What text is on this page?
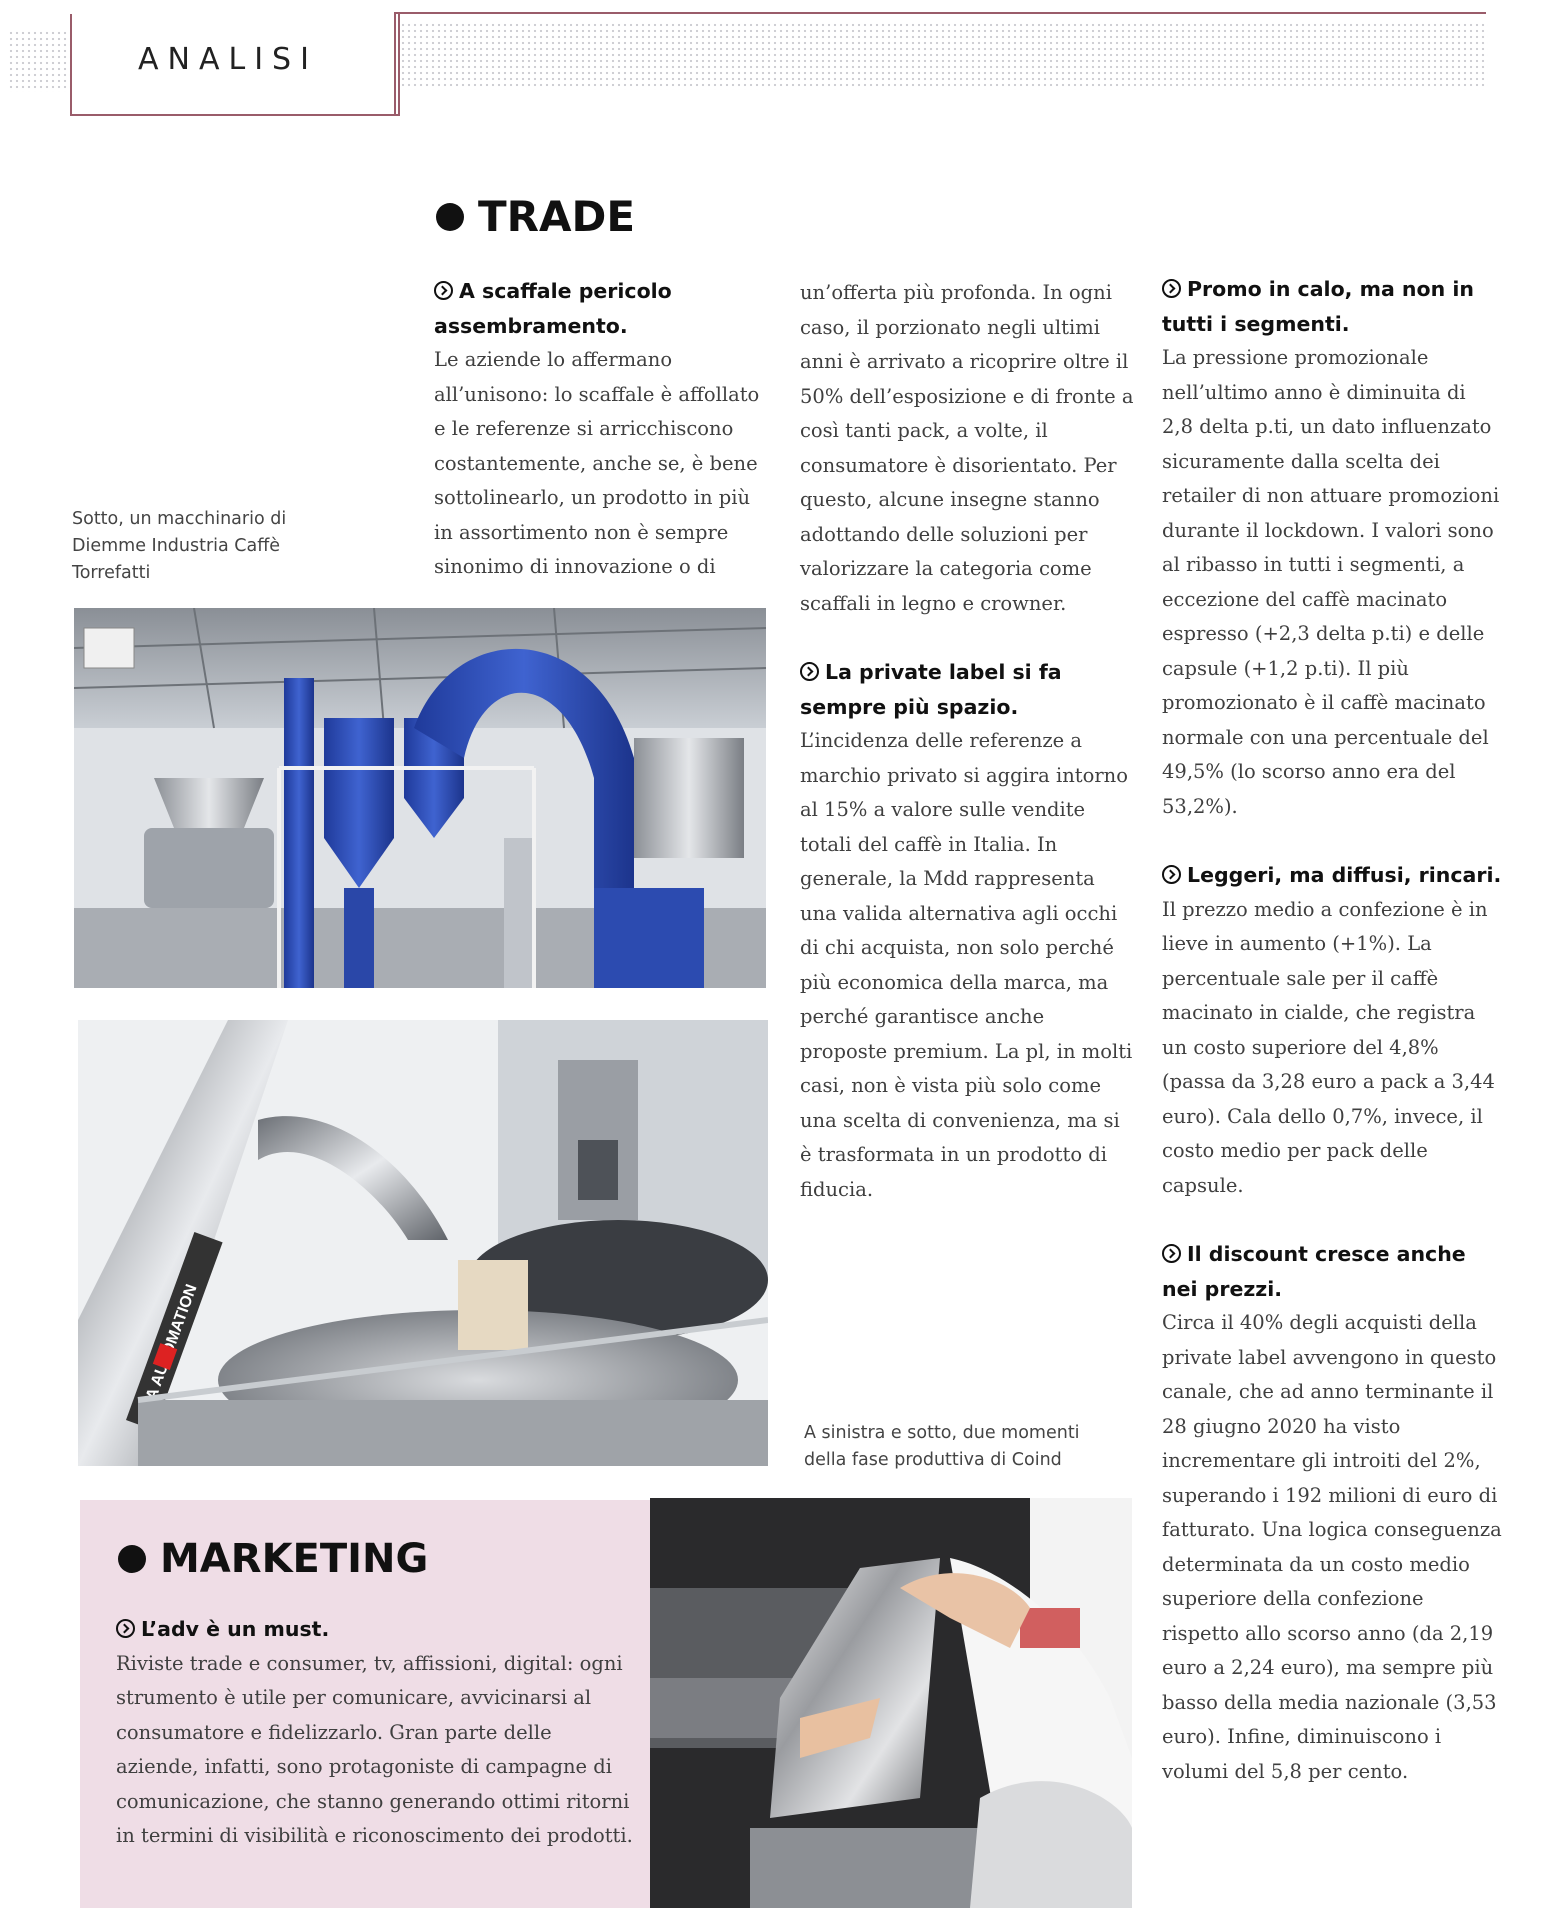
ANALISI
TRADE

A scaffale pericolo assembramento.

Le aziende lo affermano all’unisono: lo scaffale è affollato e le referenze si arricchiscono costantemente, anche se, è bene sottolinearlo, un prodotto in più in assortimento non è sempre sinonimo di innovazione o di

un’offerta più profonda. In ogni caso, il porzionato negli ultimi anni è arrivato a ricoprire oltre il 50% dell’esposizione e di fronte a così tanti pack, a volte, il consumatore è disorientato. Per questo, alcune insegne stanno adottando delle soluzioni per valorizzare la categoria come scaffali in legno e crowner.

La private label si fa sempre più spazio.

L’incidenza delle referenze a marchio privato si aggira intorno al 15% a valore sulle vendite totali del caffè in Italia. In generale, la Mdd rappresenta una valida alternativa agli occhi di chi acquista, non solo perché più economica della marca, ma perché garantisce anche proposte premium. La pl, in molti casi, non è vista più solo come una scelta di convenienza, ma si è trasformata in un prodotto di fiducia.

Promo in calo, ma non in tutti i segmenti.

La pressione promozionale nell’ultimo anno è diminuita di 2,8 delta p.ti, un dato influenzato sicuramente dalla scelta dei retailer di non attuare promozioni durante il lockdown. I valori sono al ribasso in tutti i segmenti, a eccezione del caffè macinato espresso (+2,3 delta p.ti) e delle capsule (+1,2 p.ti). Il più promozionato è il caffè macinato normale con una percentuale del 49,5% (lo scorso anno era del 53,2%).

Leggeri, ma diffusi, rincari.

Il prezzo medio a confezione è in lieve in aumento (+1%). La percentuale sale per il caffè macinato in cialde, che registra un costo superiore del 4,8% (passa da 3,28 euro a pack a 3,44 euro). Cala dello 0,7%, invece, il costo medio per pack delle capsule.

Il discount cresce anche nei prezzi.

Circa il 40% degli acquisti della private label avvengono in questo canale, che ad anno terminante il 28 giugno 2020 ha visto incrementare gli introiti del 2%, superando i 192 milioni di euro di fatturato. Una logica conseguenza determinata da un costo medio superiore della confezione rispetto allo scorso anno (da 2,19 euro a 2,24 euro), ma sempre più basso della media nazionale (3,53 euro). Infine, diminuiscono i volumi del 5,8 per cento.

Sotto, un macchinario di Diemme Industria Caffè Torrefatti
A sinistra e sotto, due momenti della fase produttiva di Coind
AUTOMATION
MARKETING

L’adv è un must.

Riviste trade e consumer, tv, affissioni, digital: ogni strumento è utile per comunicare, avvicinarsi al consumatore e fidelizzarlo. Gran parte delle aziende, infatti, sono protagoniste di campagne di comunicazione, che stanno generando ottimi ritorni in termini di visibilità e riconoscimento dei prodotti.
